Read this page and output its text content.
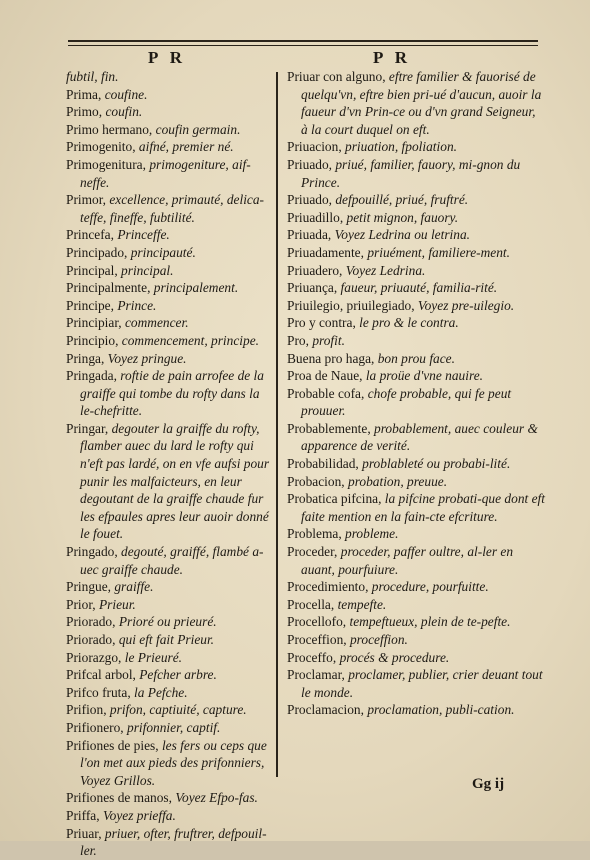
P R	P R

fubtil, fin.

Prima, coufine.

Primo, coufin.

Primo hermano, coufin germain.

Primogenito, aifné, premier né.

Primogenitura, primogeniture, aif-neffe.

Primor, excellence, primauté, delica-teffe, fineffe, fubtilité.

Princefa, Princeffe.

Principado, principauté.

Principal, principal.

Principalmente, principalement.

Principe, Prince.

Principiar, commencer.

Principio, commencement, principe.

Pringa, Voyez pringue.

Pringada, roftie de pain arrofee de la graiffe qui tombe du rofty dans la le-chefritte.

Pringar, degouter la graiffe du rofty, flamber auec du lard le rofty qui n'eft pas lardé, on en vfe aufsi pour punir les malfaicteurs, en leur degoutant de la graiffe chaude fur les efpaules apres leur auoir donné le fouet.

Pringado, degouté, graiffé, flambé a-uec graiffe chaude.

Pringue, graiffe.

Prior, Prieur.

Priorado, Prioré ou prieuré.

Priorado, qui eft fait Prieur.

Priorazgo, le Prieuré.

Prifcal arbol, Pefcher arbre.

Prifco fruta, la Pefche.

Prifion, prifon, captiuité, capture.

Prifionero, prifonnier, captif.

Prifiones de pies, les fers ou ceps que l'on met aux pieds des prifonniers, Voyez Grillos.

Prifiones de manos, Voyez Efpo-fas.

Priffa, Voyez prieffa.

Priuar, priuer, ofter, fruftrer, defpouil-ler.

Priuar con alguno, eftre familier & fauorisé de quelqu'vn, eftre bien pri-ué d'aucun, auoir la faueur d'vn Prin-ce ou d'vn grand Seigneur, à la court duquel on eft.

Priuacion, priuation, fpoliation.

Priuado, priué, familier, fauory, mi-gnon du Prince.

Priuado, defpouillé, priué, fruftré.

Priuadillo, petit mignon, fauory.

Priuada, Voyez Ledrina ou letrina.

Priuadamente, priuément, familiere-ment.

Priuadero, Voyez Ledrina.

Priuança, faueur, priuauté, familia-rité.

Priuilegio, priuilegiado, Voyez pre-uilegio.

Pro y contra, le pro & le contra.

Pro, profit.

Buena pro haga, bon prou face.

Proa de Naue, la proüe d'vne nauire.

Probable cofa, chofe probable, qui fe peut prouuer.

Probablemente, probablement, auec couleur & apparence de verité.

Probabilidad, problableté ou probabi-lité.

Probacion, probation, preuue.

Probatica pifcina, la pifcine probati-que dont eft faite mention en la fain-cte efcriture.

Problema, probleme.

Proceder, proceder, paffer oultre, al-ler en auant, pourfuiure.

Procedimiento, procedure, pourfuitte.

Procella, tempefte.

Procellofo, tempeftueux, plein de te-pefte.

Proceffion, proceffion.

Proceffo, procés & procedure.

Proclamar, proclamer, publier, crier deuant tout le monde.

Proclamacion, proclamation, publi-cation.

Gg ij
